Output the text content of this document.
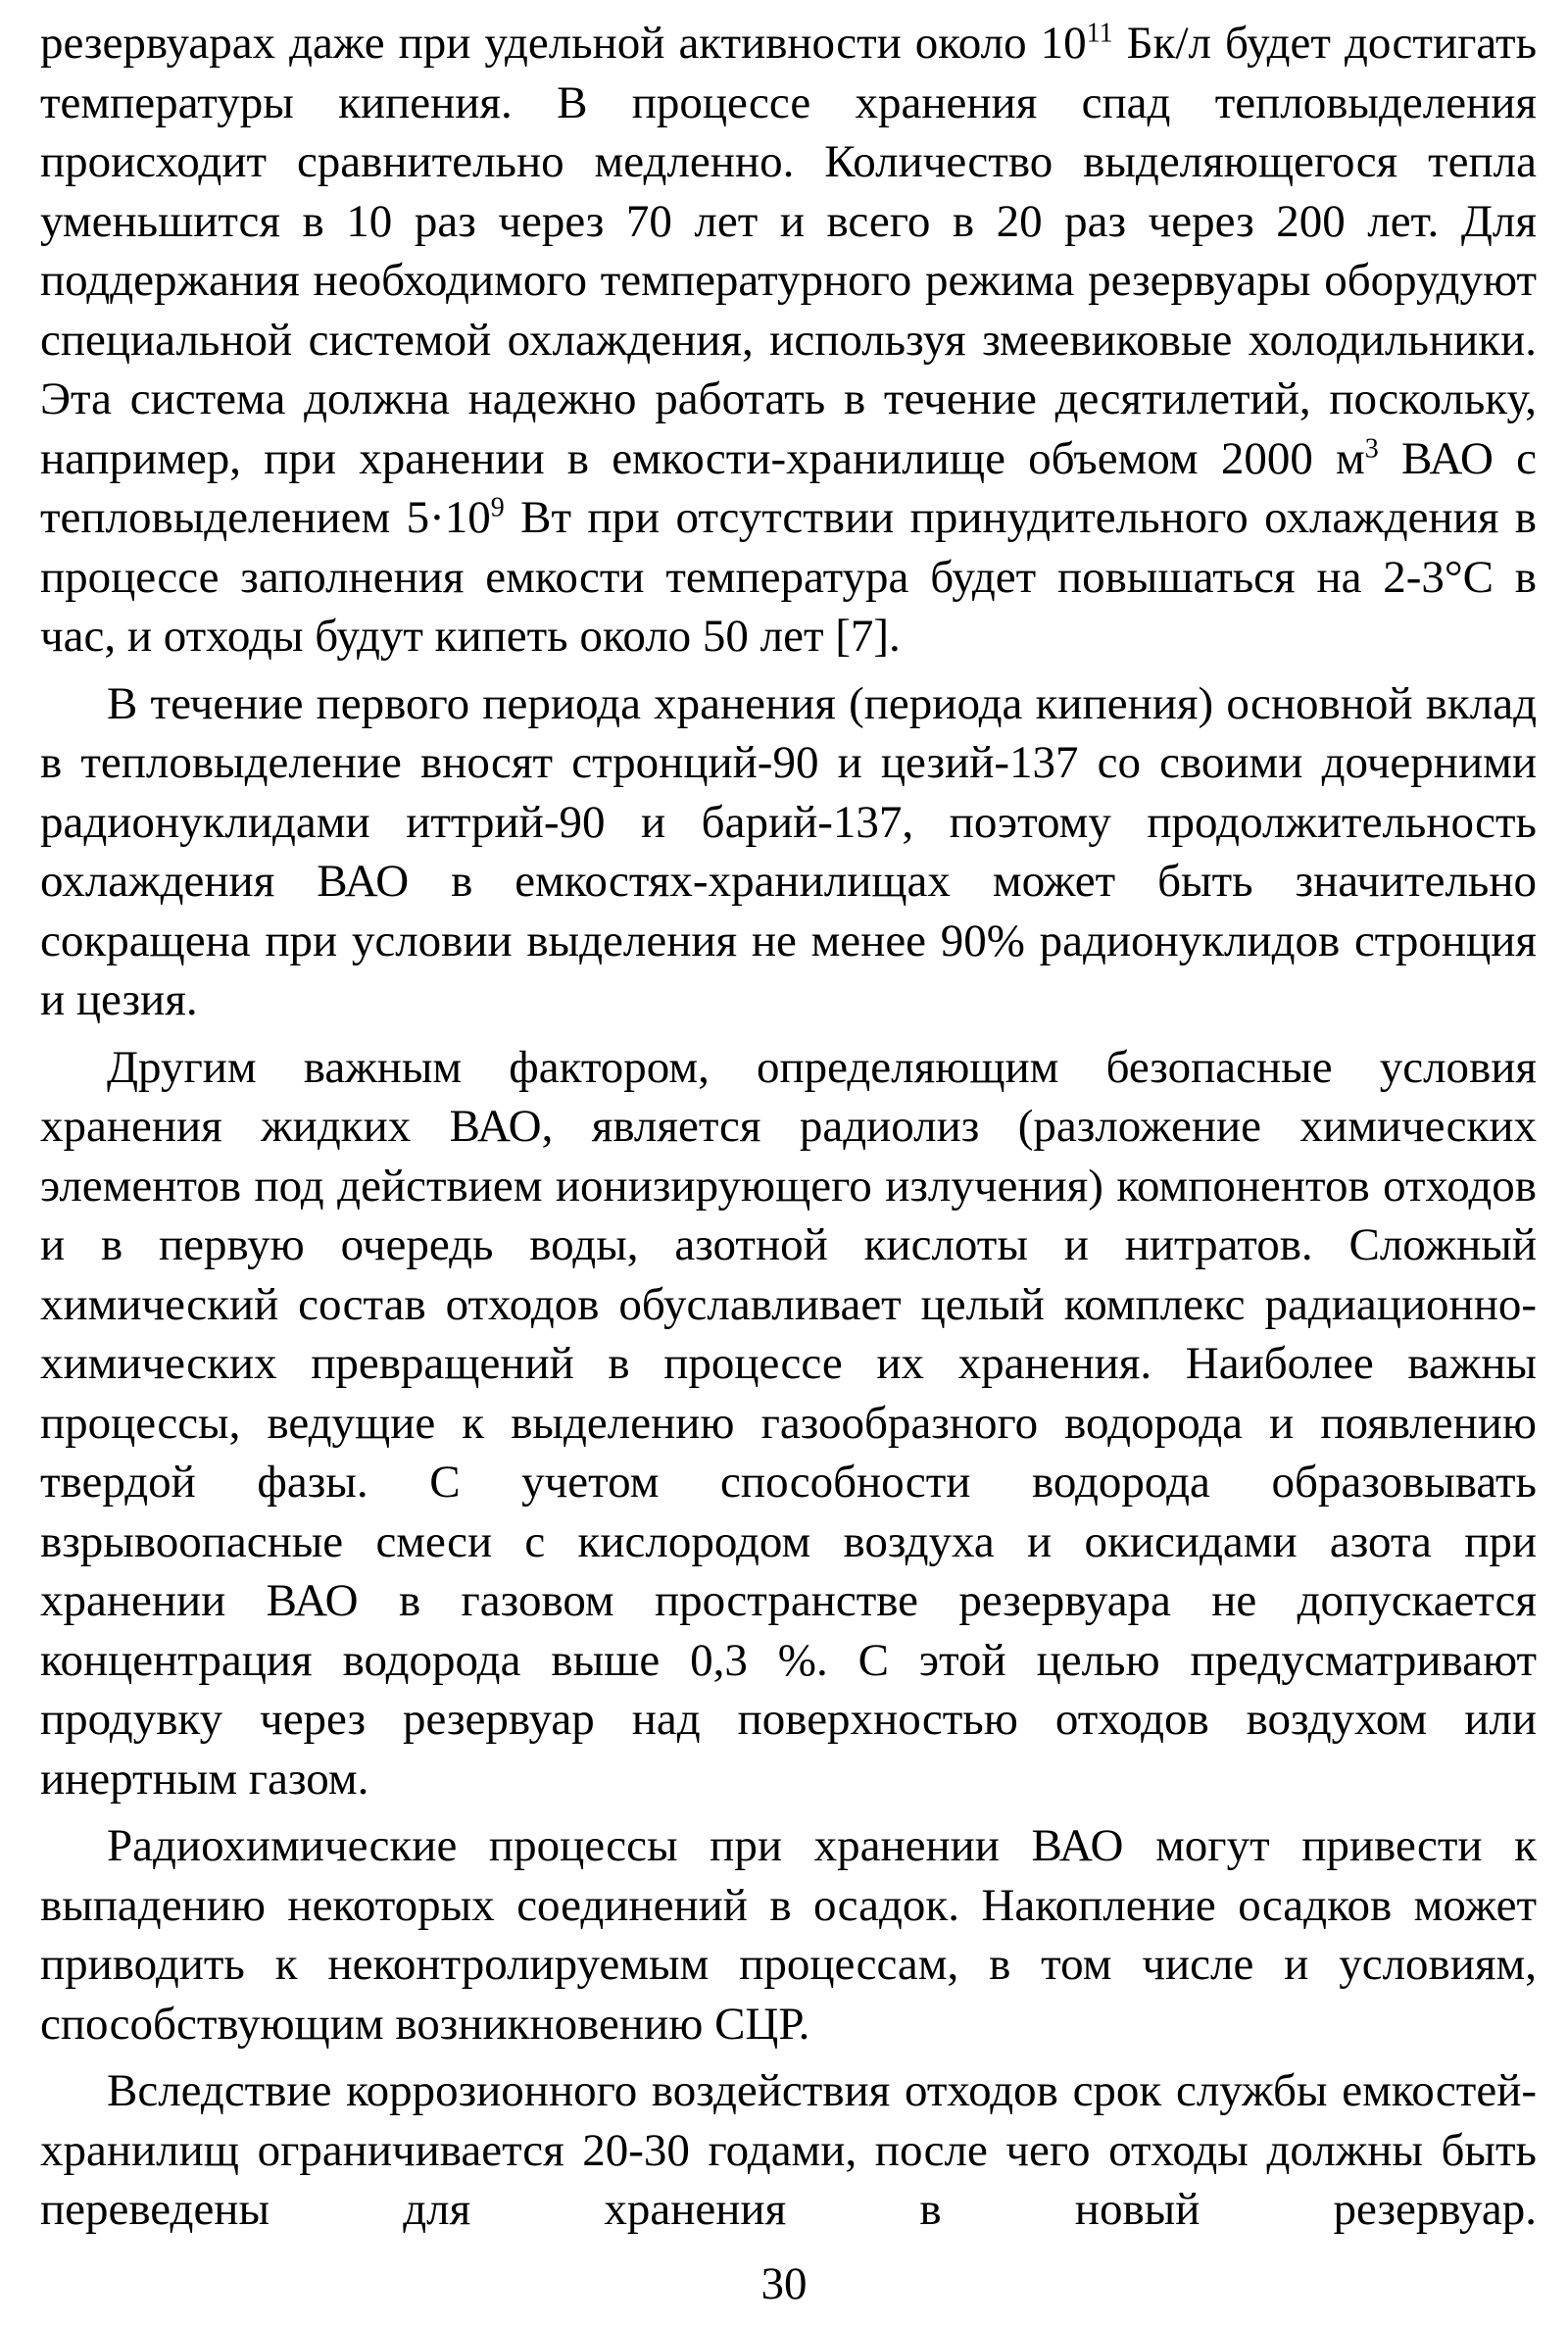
резервуарах даже при удельной активности около $10^{11}$ Бк/л будет достигать температуры кипения. В процессе хранения спад тепловыделения происходит сравнительно медленно. Количество выделяющегося тепла уменьшится в 10 раз через 70 лет и всего в 20 раз через 200 лет. Для поддержания необходимого температурного режима резервуары оборудуют специальной системой охлаждения, используя змеевиковые холодильники. Эта система должна надежно работать в течение десятилетий, поскольку, например, при хранении в емкости-хранилище объемом 2000 $м^3$ ВАО с тепловыделением $5\cdot 10^9$ Вт при отсутствии принудительного охлаждения в процессе заполнения емкости температура будет повышаться на 2-3°С в час, и отходы будут кипеть около 50 лет [7].

В течение первого периода хранения (периода кипения) основной вклад в тепловыделение вносят стронций-90 и цезий-137 со своими дочерними радионуклидами иттрий-90 и барий-137, поэтому продолжительность охлаждения ВАО в емкостях-хранилищах может быть значительно сокращена при условии выделения не менее 90% радионуклидов стронция и цезия.

Другим важным фактором, определяющим безопасные условия хранения жидких ВАО, является радиолиз (разложение химических элементов под действием ионизирующего излучения) компонентов отходов и в первую очередь воды, азотной кислоты и нитратов. Сложный химический состав отходов обуславливает целый комплекс радиационно-химических превращений в процессе их хранения. Наиболее важны процессы, ведущие к выделению газообразного водорода и появлению твердой фазы. С учетом способности водорода образовывать взрывоопасные смеси с кислородом воздуха и окисидами азота при хранении ВАО в газовом пространстве резервуара не допускается концентрация водорода выше 0,3 %. С этой целью предусматривают продувку через резервуар над поверхностью отходов воздухом или инертным газом.

Радиохимические процессы при хранении ВАО могут привести к выпадению некоторых соединений в осадок. Накопление осадков может приводить к неконтролируемым процессам, в том числе и условиям, способствующим возникновению СЦР.

Вследствие коррозионного воздействия отходов срок службы емкостей-хранилищ ограничивается 20-30 годами, после чего отходы должны быть переведены для хранения в новый резервуар.

30
